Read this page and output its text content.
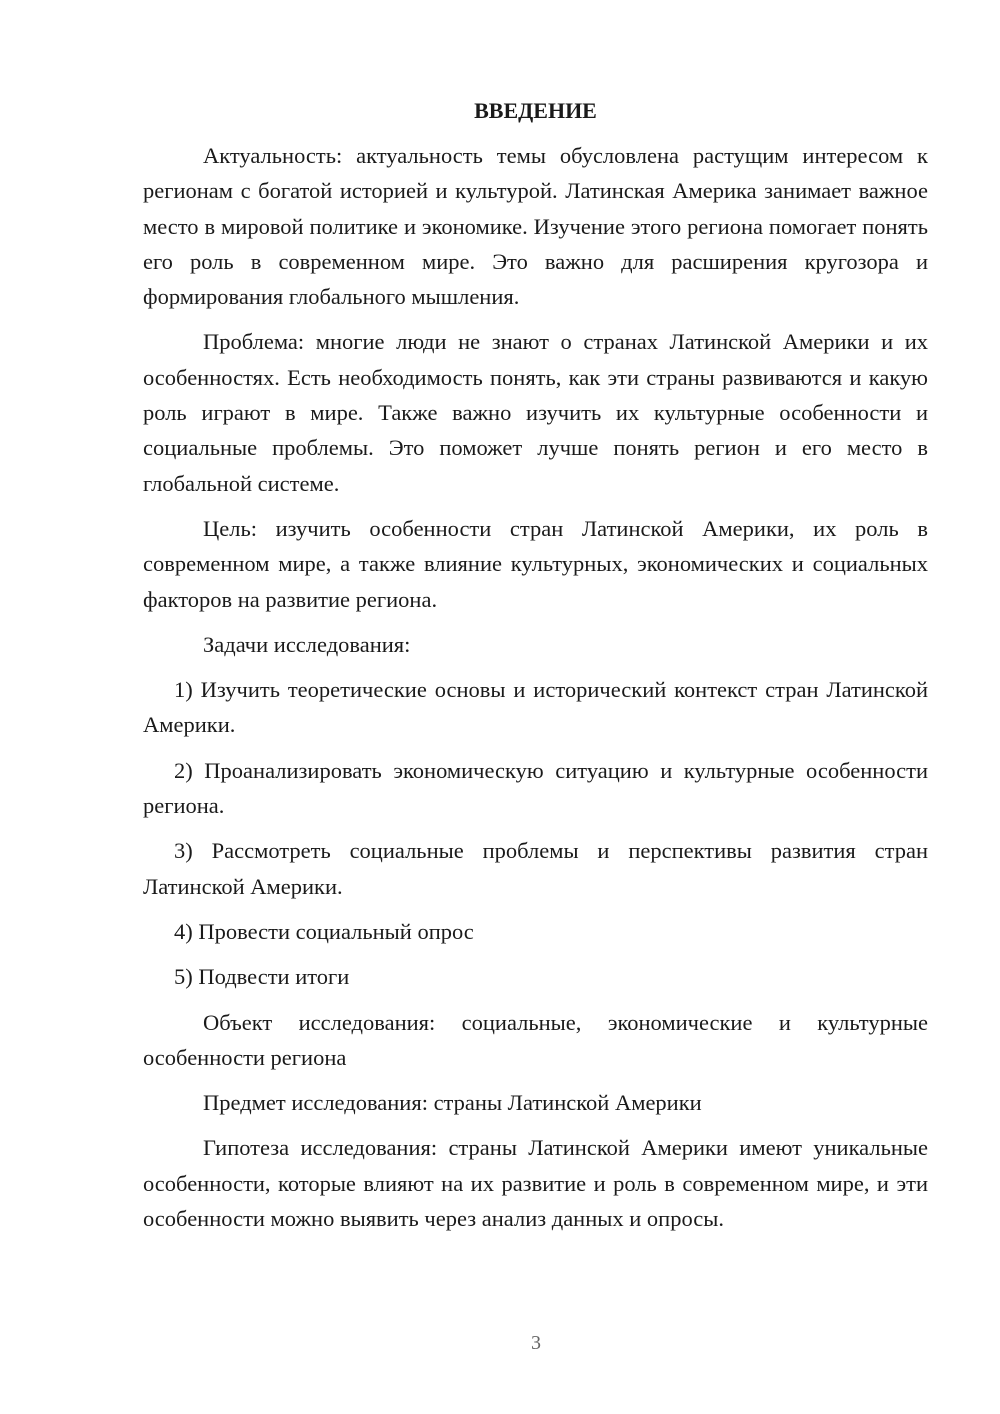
ВВЕДЕНИЕ

Актуальность: актуальность темы обусловлена растущим интересом к регионам с богатой историей и культурой. Латинская Америка занимает важное место в мировой политике и экономике. Изучение этого региона помогает понять его роль в современном мире. Это важно для расширения кругозора и формирования глобального мышления.

Проблема: многие люди не знают о странах Латинской Америки и их особенностях. Есть необходимость понять, как эти страны развиваются и какую роль играют в мире. Также важно изучить их культурные особенности и социальные проблемы. Это поможет лучше понять регион и его место в глобальной системе.

Цель: изучить особенности стран Латинской Америки, их роль в современном мире, а также влияние культурных, экономических и социальных факторов на развитие региона.

Задачи исследования:

1) Изучить теоретические основы и исторический контекст стран Латинской Америки.

2) Проанализировать экономическую ситуацию и культурные особенности региона.

3) Рассмотреть социальные проблемы и перспективы развития стран Латинской Америки.

4) Провести социальный опрос

5) Подвести итоги

Объект исследования: социальные, экономические и культурные особенности региона

Предмет исследования: страны Латинской Америки

Гипотеза исследования: страны Латинской Америки имеют уникальные особенности, которые влияют на их развитие и роль в современном мире, и эти особенности можно выявить через анализ данных и опросы.

3
